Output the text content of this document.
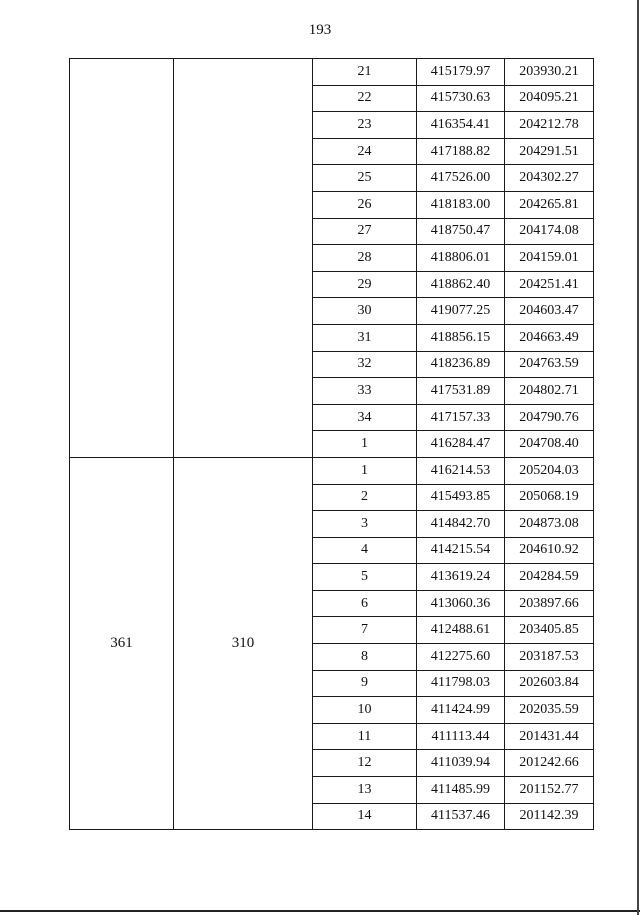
193
		21	415179.97	203930.21
		22	415730.63	204095.21
		23	416354.41	204212.78
		24	417188.82	204291.51
		25	417526.00	204302.27
		26	418183.00	204265.81
		27	418750.47	204174.08
		28	418806.01	204159.01
		29	418862.40	204251.41
		30	419077.25	204603.47
		31	418856.15	204663.49
		32	418236.89	204763.59
		33	417531.89	204802.71
		34	417157.33	204790.76
		1	416284.47	204708.40
361	310	1	416214.53	205204.03
		2	415493.85	205068.19
		3	414842.70	204873.08
		4	414215.54	204610.92
		5	413619.24	204284.59
		6	413060.36	203897.66
		7	412488.61	203405.85
		8	412275.60	203187.53
		9	411798.03	202603.84
		10	411424.99	202035.59
		11	411113.44	201431.44
		12	411039.94	201242.66
		13	411485.99	201152.77
		14	411537.46	201142.39
